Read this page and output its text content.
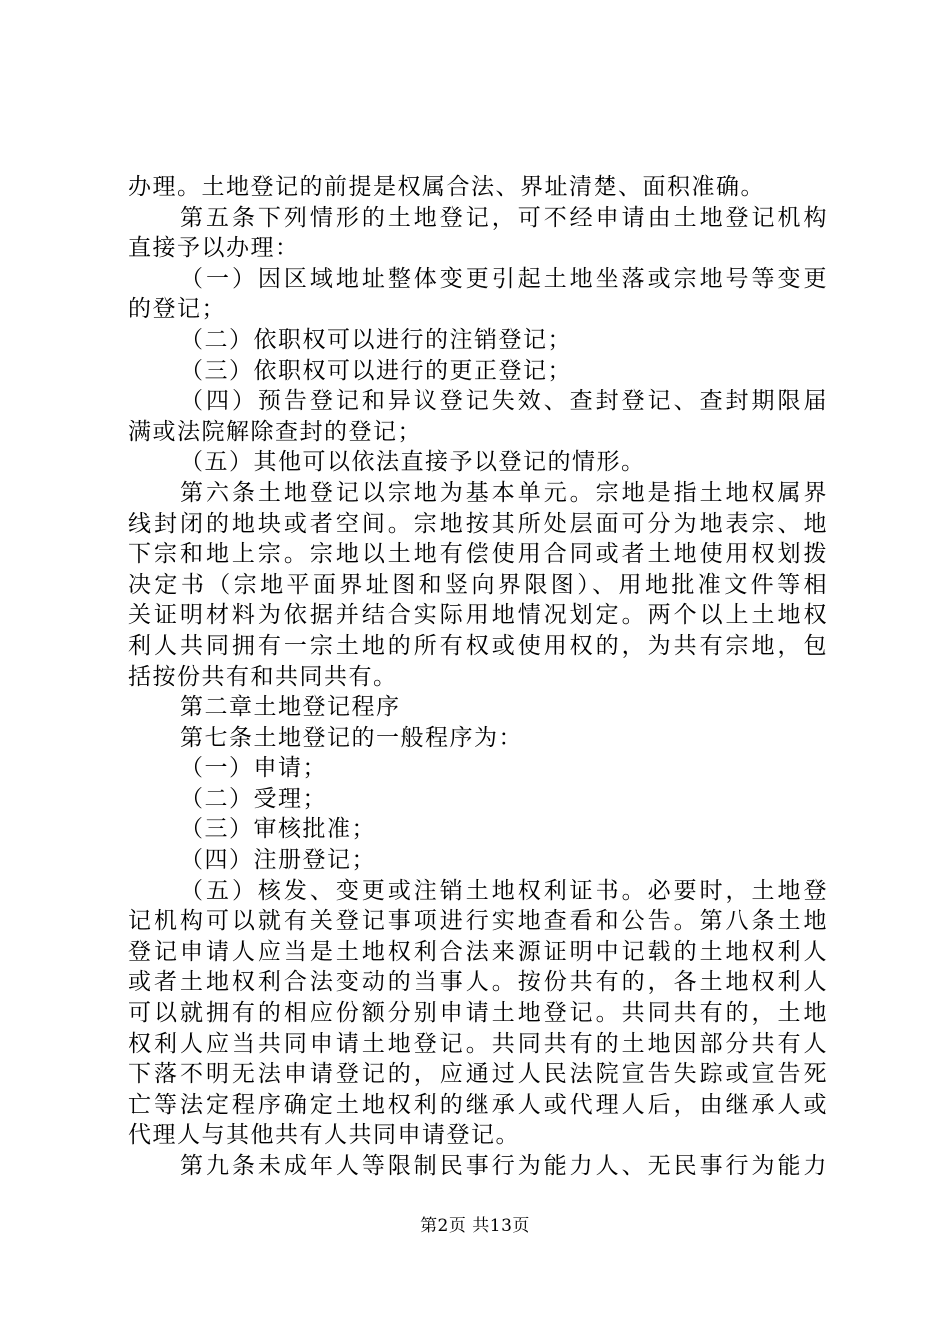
办理。土地登记的前提是权属合法、界址清楚、面积准确。
第五条下列情形的土地登记，可不经申请由土地登记机构
直接予以办理：
（一）因区域地址整体变更引起土地坐落或宗地号等变更
的登记；
（二）依职权可以进行的注销登记；
（三）依职权可以进行的更正登记；
（四）预告登记和异议登记失效、查封登记、查封期限届
满或法院解除查封的登记；
（五）其他可以依法直接予以登记的情形。
第六条土地登记以宗地为基本单元。宗地是指土地权属界
线封闭的地块或者空间。宗地按其所处层面可分为地表宗、地
下宗和地上宗。宗地以土地有偿使用合同或者土地使用权划拨
决定书（宗地平面界址图和竖向界限图）、用地批准文件等相
关证明材料为依据并结合实际用地情况划定。两个以上土地权
利人共同拥有一宗土地的所有权或使用权的，为共有宗地，包
括按份共有和共同共有。
第二章土地登记程序
第七条土地登记的一般程序为：
（一）申请；
（二）受理；
（三）审核批准；
（四）注册登记；
（五）核发、变更或注销土地权利证书。必要时，土地登
记机构可以就有关登记事项进行实地查看和公告。第八条土地
登记申请人应当是土地权利合法来源证明中记载的土地权利人
或者土地权利合法变动的当事人。按份共有的，各土地权利人
可以就拥有的相应份额分别申请土地登记。共同共有的，土地
权利人应当共同申请土地登记。共同共有的土地因部分共有人
下落不明无法申请登记的，应通过人民法院宣告失踪或宣告死
亡等法定程序确定土地权利的继承人或代理人后，由继承人或
代理人与其他共有人共同申请登记。
第九条未成年人等限制民事行为能力人、无民事行为能力
第2页 共13页
